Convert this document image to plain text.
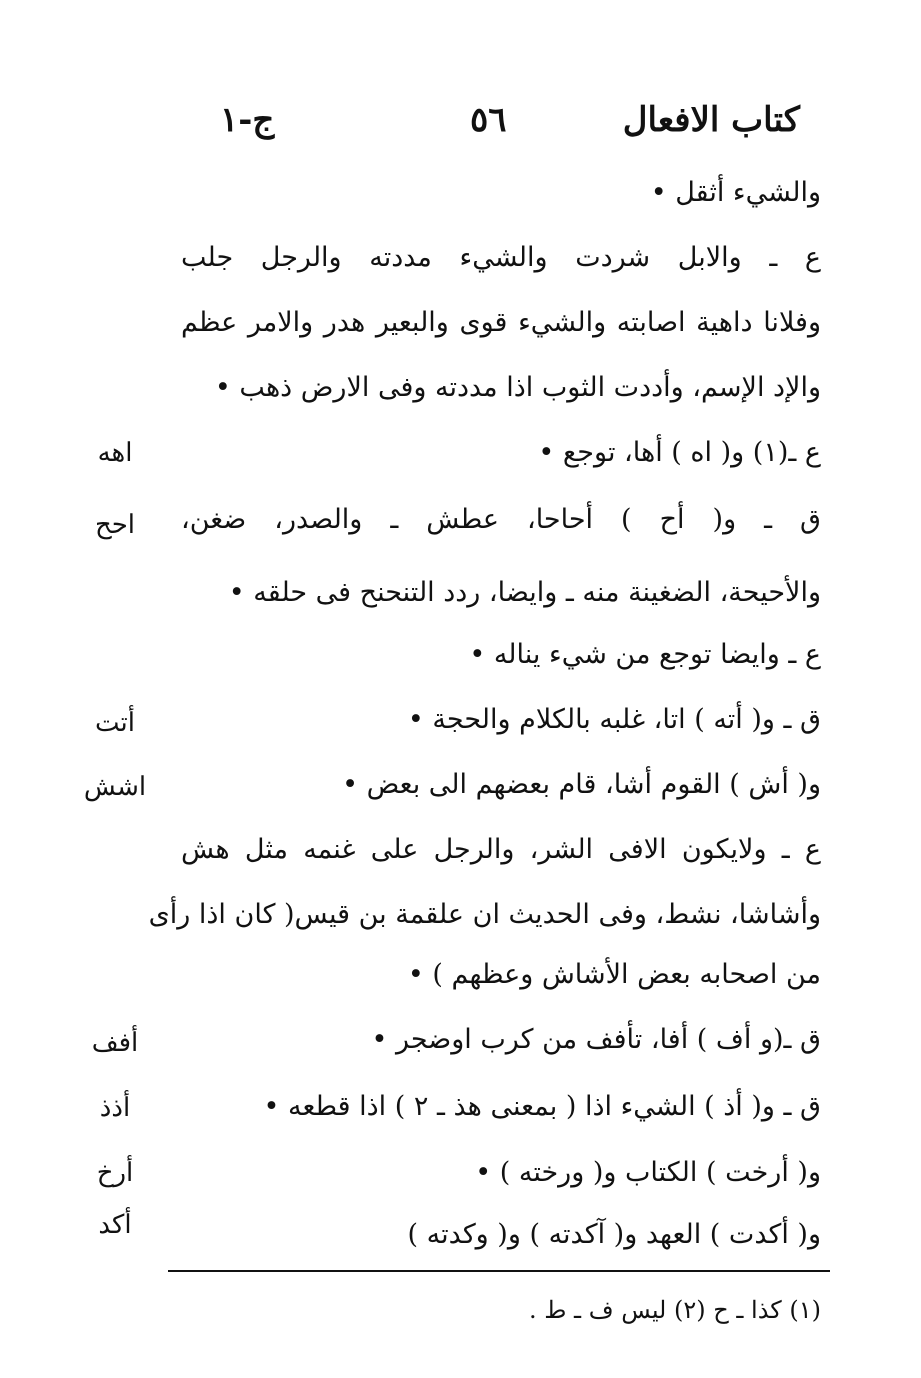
كتاب الافعال
٥٦
ج-١
والشيء أثقل •
ع ـ والابل شردت والشيء مددته والرجل جلب
وفلانا داهية اصابته والشيء قوى والبعير هدر والامر عظم
والإد الإسم، وأددت الثوب اذا مددته وفى الارض ذهب •
ع ـ(١) و( اه ) أها، توجع •
ق ـ و( أح ) أحاحا، عطش ـ والصدر، ضغن،
والأحيحة، الضغينة منه ـ وايضا، ردد التنحنح فى حلقه •
ع ـ وايضا توجع من شيء يناله •
ق ـ و( أته ) اتا، غلبه بالكلام والحجة •
و( أش ) القوم أشا، قام بعضهم الى بعض •
ع ـ ولايكون الافى الشر، والرجل على غنمه مثل هش
وأشاشا، نشط، وفى الحديث ان علقمة بن قيس( كان اذا رأى
من اصحابه بعض الأشاش وعظهم ) •
ق ـ(و أف ) أفا، تأفف من كرب اوضجر •
ق ـ و( أذ ) الشيء اذا ( بمعنى هذ ـ ٢ ) اذا قطعه •
و( أرخت ) الكتاب و( ورخته ) •
و( أكدت ) العهد و( آكدته ) و( وكدته )
اهه
احح
أتت
اشش
أفف
أذذ
أرخ
أكد
(١) كذا ـ ح (٢) ليس ف ـ ط .
